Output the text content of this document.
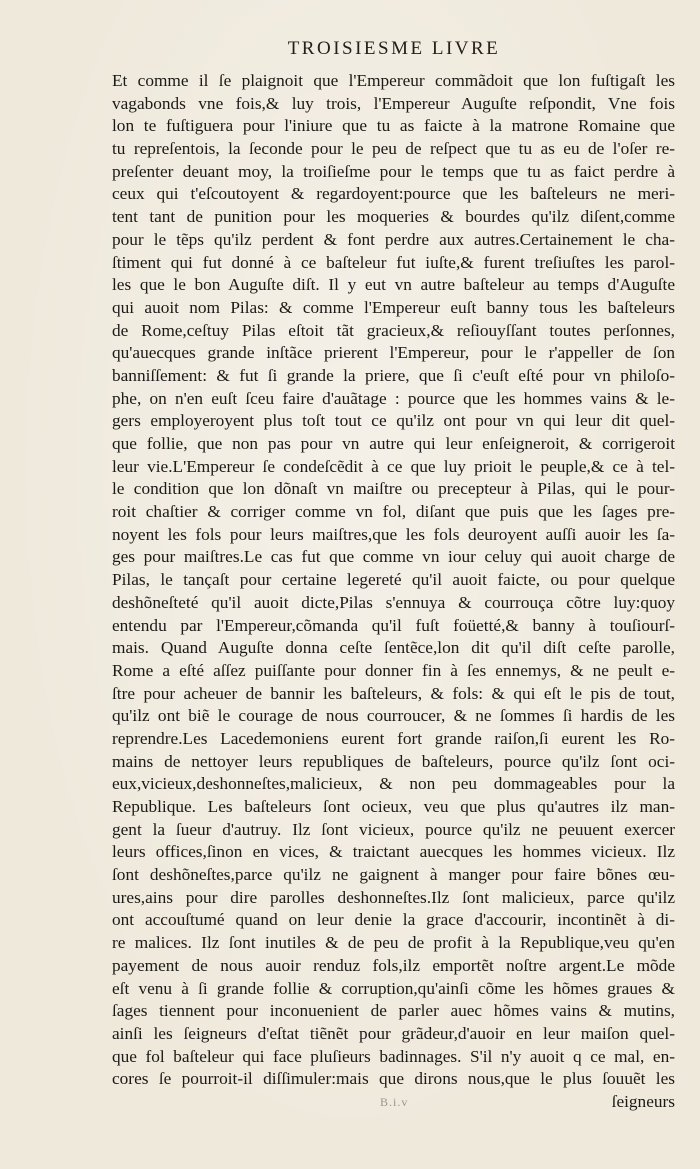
TROISIESME LIVRE
Et comme il ſe plaignoit que l'Empereur commãdoit que lon fuſtigaſt les
vagabonds vne fois,& luy trois, l'Empereur Auguſte reſpondit, Vne fois
lon te fuſtiguera pour l'iniure que tu as faicte à la matrone Romaine que
tu repreſentois, la ſeconde pour le peu de reſpect que tu as eu de l'oſer re-
preſenter deuant moy, la troiſieſme pour le temps que tu as faict perdre à
ceux qui t'eſcoutoyent & regardoyent:pource que les baſteleurs ne meri-
tent tant de punition pour les moqueries & bourdes qu'ilz diſent,comme
pour le tẽps qu'ilz perdent & font perdre aux autres.Certainement le cha-
ſtiment qui fut donné à ce baſteleur fut iuſte,& furent treſiuſtes les parol-
les que le bon Auguſte diſt. Il y eut vn autre baſteleur au temps d'Auguſte
qui auoit nom Pilas: & comme l'Empereur euſt banny tous les baſteleurs
de Rome,ceſtuy Pilas eſtoit tãt gracieux,& reſiouyſſant toutes perſonnes,
qu'auecques grande inſtãce prierent l'Empereur, pour le r'appeller de ſon
banniſſement: & fut ſi grande la priere, que ſi c'euſt eſté pour vn philoſo-
phe, on n'en euſt ſceu faire d'auãtage : pource que les hommes vains & le-
gers employeroyent plus toſt tout ce qu'ilz ont pour vn qui leur dit quel-
que follie, que non pas pour vn autre qui leur enſeigneroit, & corrigeroit
leur vie.L'Empereur ſe condeſcẽdit à ce que luy prioit le peuple,& ce à tel-
le condition que lon dõnaſt vn maiſtre ou precepteur à Pilas, qui le pour-
roit chaſtier & corriger comme vn fol, diſant que puis que les ſages pre-
noyent les fols pour leurs maiſtres,que les fols deuroyent auſſi auoir les ſa-
ges pour maiſtres.Le cas fut que comme vn iour celuy qui auoit charge de
Pilas, le tançaſt pour certaine legereté qu'il auoit faicte, ou pour quelque
deshõneſteté qu'il auoit dicte,Pilas s'ennuya & courrouça cõtre luy:quoy
entendu par l'Empereur,cõmanda qu'il fuſt foüetté,& banny à touſiourſ-
mais. Quand Auguſte donna ceſte ſentẽce,lon dit qu'il diſt ceſte parolle,
Rome a eſté aſſez puiſſante pour donner fin à ſes ennemys, & ne peult e-
ſtre pour acheuer de bannir les baſteleurs, & fols: & qui eſt le pis de tout,
qu'ilz ont biẽ le courage de nous courroucer, & ne ſommes ſi hardis de les
reprendre.Les Lacedemoniens eurent fort grande raiſon,ſi eurent les Ro-
mains de nettoyer leurs republiques de baſteleurs, pource qu'ilz ſont oci-
eux,vicieux,deshonneſtes,malicieux, & non peu dommageables pour la
Republique. Les baſteleurs ſont ocieux, veu que plus qu'autres ilz man-
gent la ſueur d'autruy. Ilz ſont vicieux, pource qu'ilz ne peuuent exercer
leurs offices,ſinon en vices, & traictant auecques les hommes vicieux. Ilz
ſont deshõneſtes,parce qu'ilz ne gaignent à manger pour faire bõnes œu-
ures,ains pour dire parolles deshonneſtes.Ilz ſont malicieux, parce qu'ilz
ont accouſtumé quand on leur denie la grace d'accourir, incontinẽt à di-
re malices. Ilz ſont inutiles & de peu de profit à la Republique,veu qu'en
payement de nous auoir renduz fols,ilz emportẽt noſtre argent.Le mõde
eſt venu à ſi grande follie & corruption,qu'ainſi cõme les hõmes graues &
ſages tiennent pour inconuenient de parler auec hõmes vains & mutins,
ainſi les ſeigneurs d'eſtat tiẽnẽt pour grãdeur,d'auoir en leur maiſon quel-
que fol baſteleur qui face pluſieurs badinnages. S'il n'y auoit q ce mal, en-
cores ſe pourroit-il diſſimuler:mais que dirons nous,que le plus ſouuẽt les
ſeigneurs
B.i.v
